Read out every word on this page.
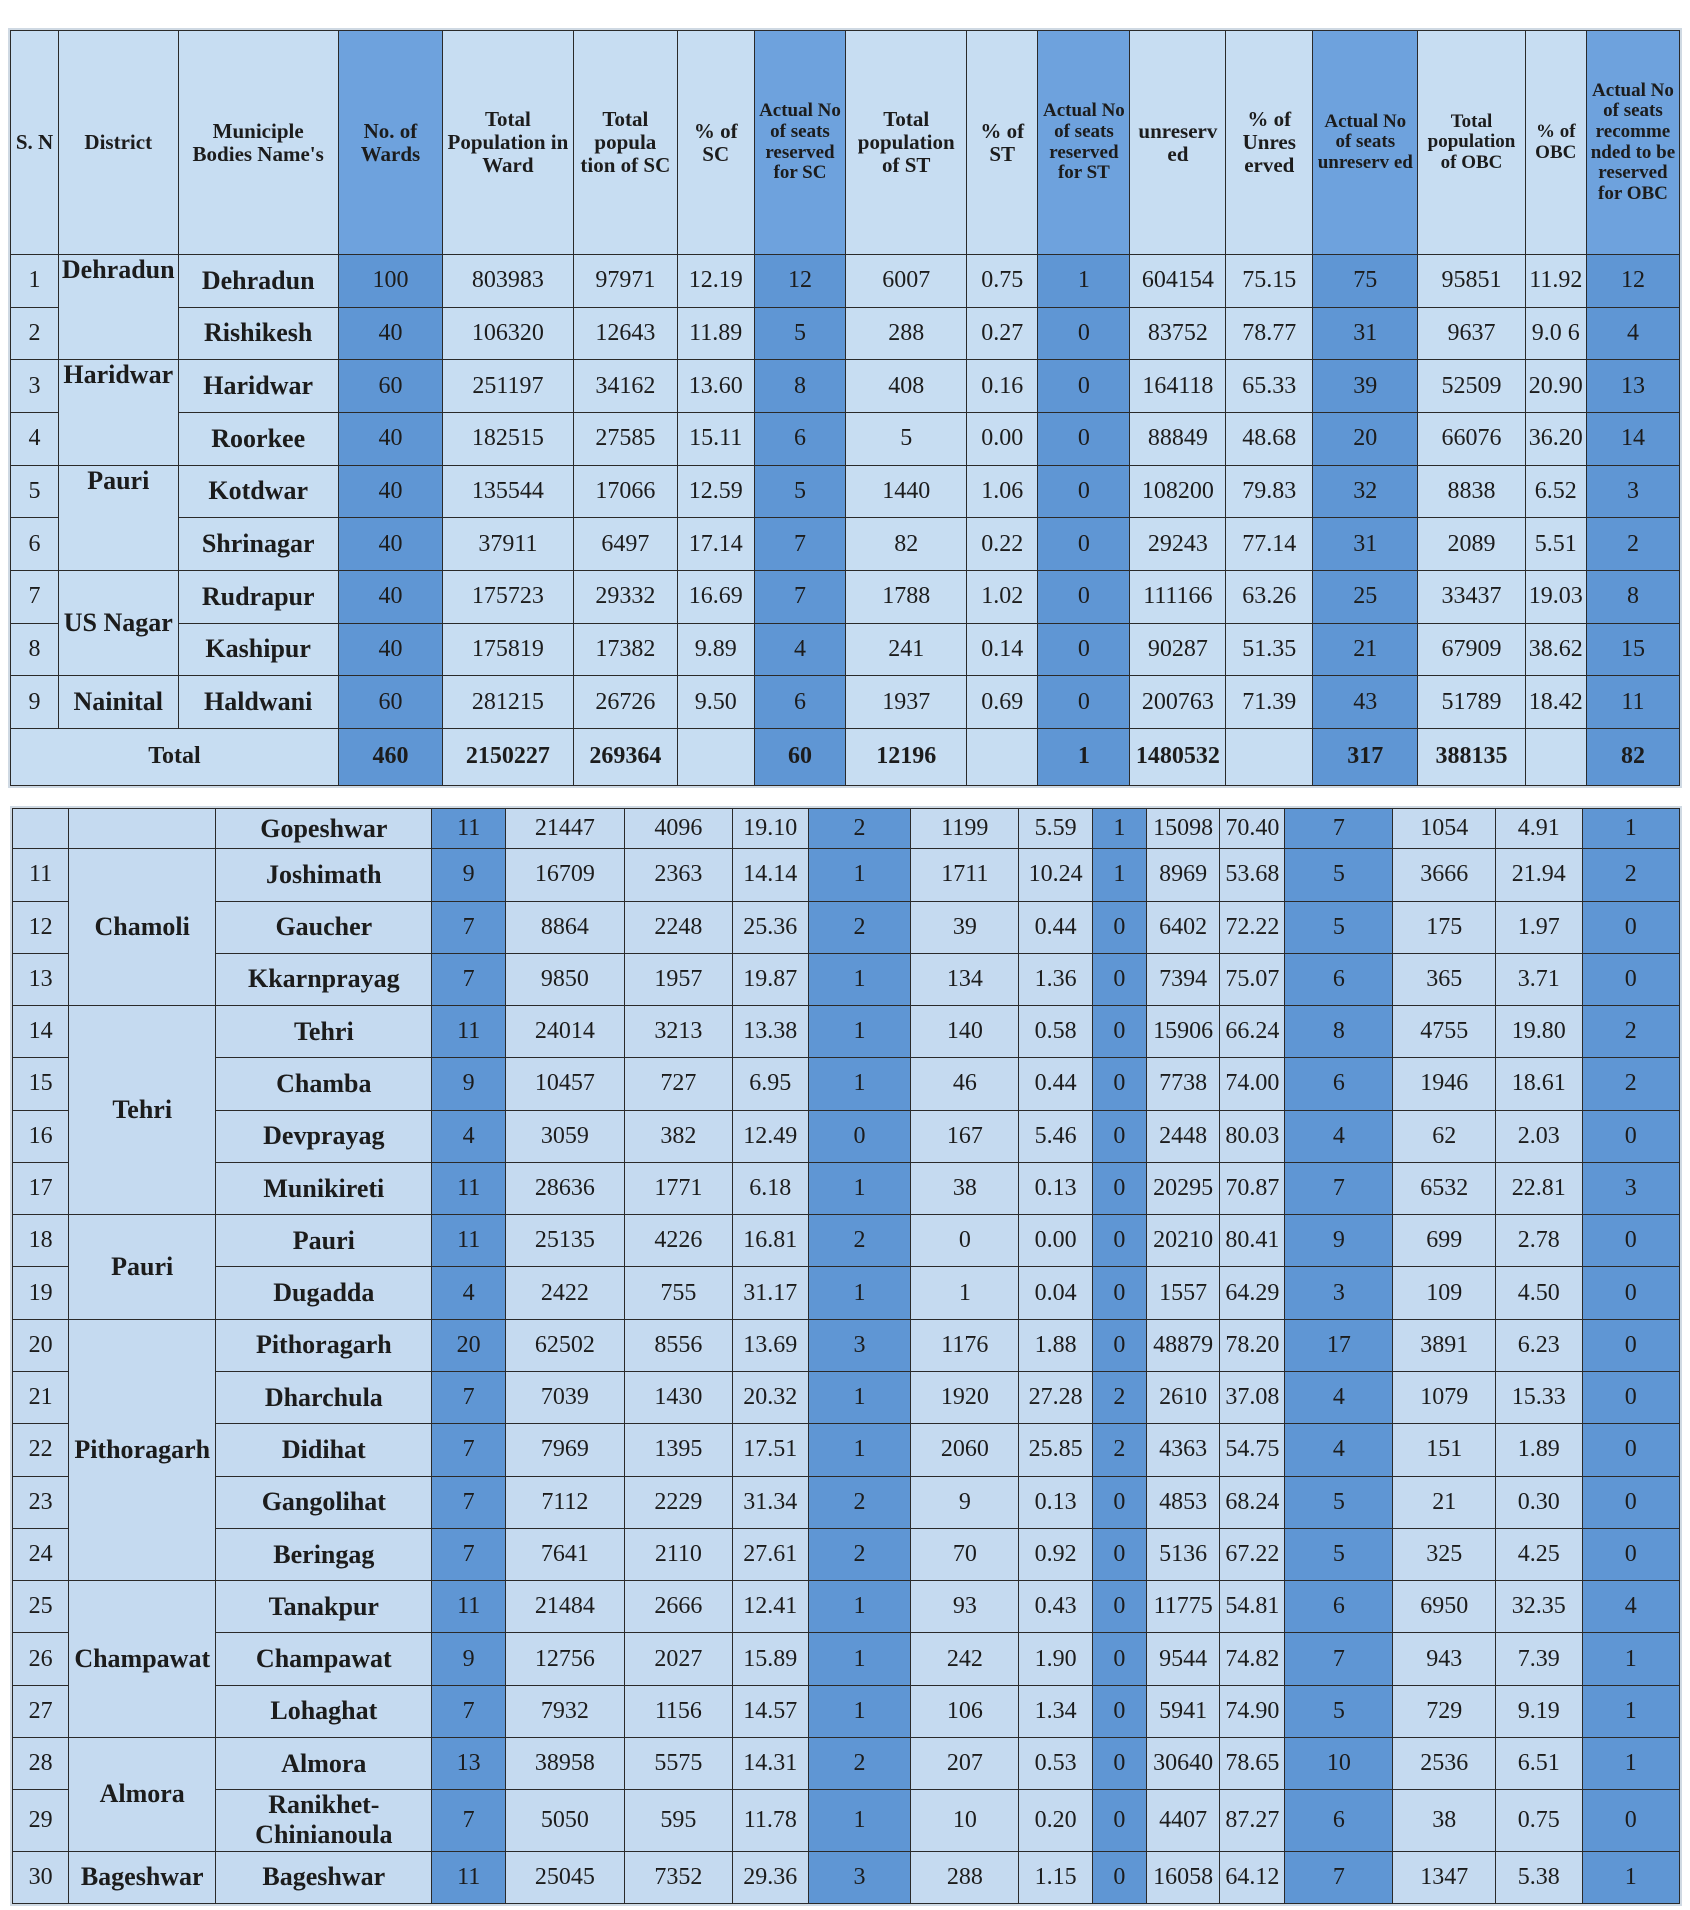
S. N	District	Municiple Bodies Name's	No. of Wards	Total Population in Ward	Total popula tion of SC	% of SC	Actual No of seats reserved for SC	Total population of ST	% of ST	Actual No of seats reserved for ST	unreserv ed	% of Unres erved	Actual No of seats unreserv ed	Total population of OBC	% of OBC	Actual No of seats recomme nded to be reserved for OBC
1	Dehradun	Dehradun	100	803983	97971	12.19	12	6007	0.75	1	604154	75.15	75	95851	11.92	12
2		Rishikesh	40	106320	12643	11.89	5	288	0.27	0	83752	78.77	31	9637	9.0 6	4
3	Haridwar	Haridwar	60	251197	34162	13.60	8	408	0.16	0	164118	65.33	39	52509	20.90	13
4		Roorkee	40	182515	27585	15.11	6	5	0.00	0	88849	48.68	20	66076	36.20	14
5	Pauri	Kotdwar	40	135544	17066	12.59	5	1440	1.06	0	108200	79.83	32	8838	6.52	3
6		Shrinagar	40	37911	6497	17.14	7	82	0.22	0	29243	77.14	31	2089	5.51	2
7	US Nagar	Rudrapur	40	175723	29332	16.69	7	1788	1.02	0	111166	63.26	25	33437	19.03	8
8		Kashipur	40	175819	17382	9.89	4	241	0.14	0	90287	51.35	21	67909	38.62	15
9	Nainital	Haldwani	60	281215	26726	9.50	6	1937	0.69	0	200763	71.39	43	51789	18.42	11
Total			460	2150227	269364		60	12196		1	1480532		317	388135		82
		Gopeshwar	11	21447	4096	19.10	2	1199	5.59	1	15098	70.40	7	1054	4.91	1
11	Chamoli	Joshimath	9	16709	2363	14.14	1	1711	10.24	1	8969	53.68	5	3666	21.94	2
12		Gaucher	7	8864	2248	25.36	2	39	0.44	0	6402	72.22	5	175	1.97	0
13		Kkarnprayag	7	9850	1957	19.87	1	134	1.36	0	7394	75.07	6	365	3.71	0
14	Tehri	Tehri	11	24014	3213	13.38	1	140	0.58	0	15906	66.24	8	4755	19.80	2
15		Chamba	9	10457	727	6.95	1	46	0.44	0	7738	74.00	6	1946	18.61	2
16		Devprayag	4	3059	382	12.49	0	167	5.46	0	2448	80.03	4	62	2.03	0
17		Munikireti	11	28636	1771	6.18	1	38	0.13	0	20295	70.87	7	6532	22.81	3
18	Pauri	Pauri	11	25135	4226	16.81	2	0	0.00	0	20210	80.41	9	699	2.78	0
19		Dugadda	4	2422	755	31.17	1	1	0.04	0	1557	64.29	3	109	4.50	0
20	Pithoragarh	Pithoragarh	20	62502	8556	13.69	3	1176	1.88	0	48879	78.20	17	3891	6.23	0
21		Dharchula	7	7039	1430	20.32	1	1920	27.28	2	2610	37.08	4	1079	15.33	0
22		Didihat	7	7969	1395	17.51	1	2060	25.85	2	4363	54.75	4	151	1.89	0
23		Gangolihat	7	7112	2229	31.34	2	9	0.13	0	4853	68.24	5	21	0.30	0
24		Beringag	7	7641	2110	27.61	2	70	0.92	0	5136	67.22	5	325	4.25	0
25	Champawat	Tanakpur	11	21484	2666	12.41	1	93	0.43	0	11775	54.81	6	6950	32.35	4
26		Champawat	9	12756	2027	15.89	1	242	1.90	0	9544	74.82	7	943	7.39	1
27		Lohaghat	7	7932	1156	14.57	1	106	1.34	0	5941	74.90	5	729	9.19	1
28	Almora	Almora	13	38958	5575	14.31	2	207	0.53	0	30640	78.65	10	2536	6.51	1
29		Ranikhet-Chinianoula	7	5050	595	11.78	1	10	0.20	0	4407	87.27	6	38	0.75	0
30	Bageshwar	Bageshwar	11	25045	7352	29.36	3	288	1.15	0	16058	64.12	7	1347	5.38	1
